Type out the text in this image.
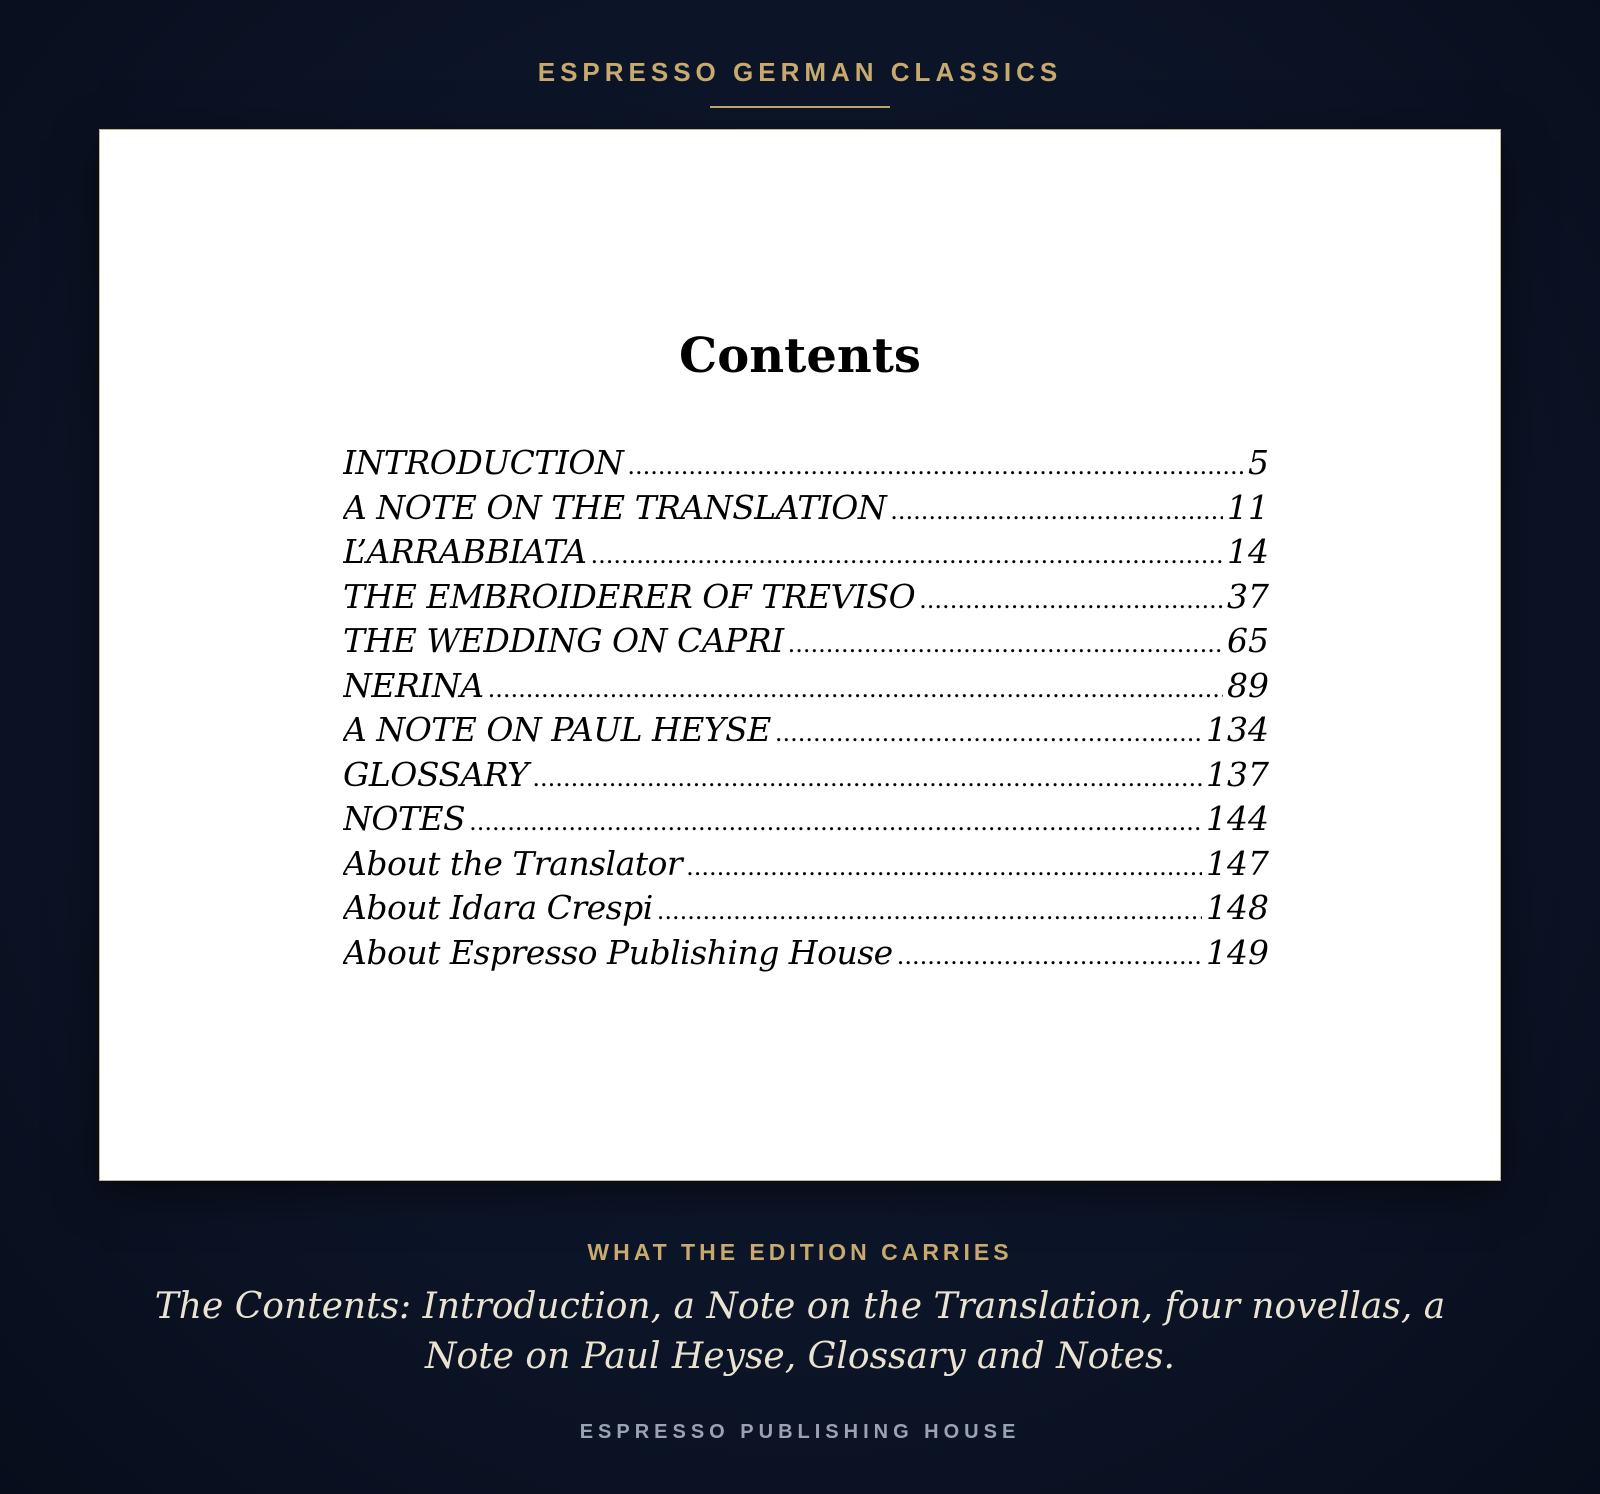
ESPRESSO GERMAN CLASSICS
Contents
INTRODUCTION .....	5
A NOTE ON THE TRANSLATION .....	11
L’ARRABBIATA .....	14
THE EMBROIDERER OF TREVISO .....	37
THE WEDDING ON CAPRI .....	65
NERINA .....	89
A NOTE ON PAUL HEYSE .....	134
GLOSSARY .....	137
NOTES .....	144
About the Translator .....	147
About Idara Crespi .....	148
About Espresso Publishing House .....	149
WHAT THE EDITION CARRIES

The Contents: Introduction, a Note on the Translation, four novellas, a Note on Paul Heyse, Glossary and Notes.

ESPRESSO PUBLISHING HOUSE
